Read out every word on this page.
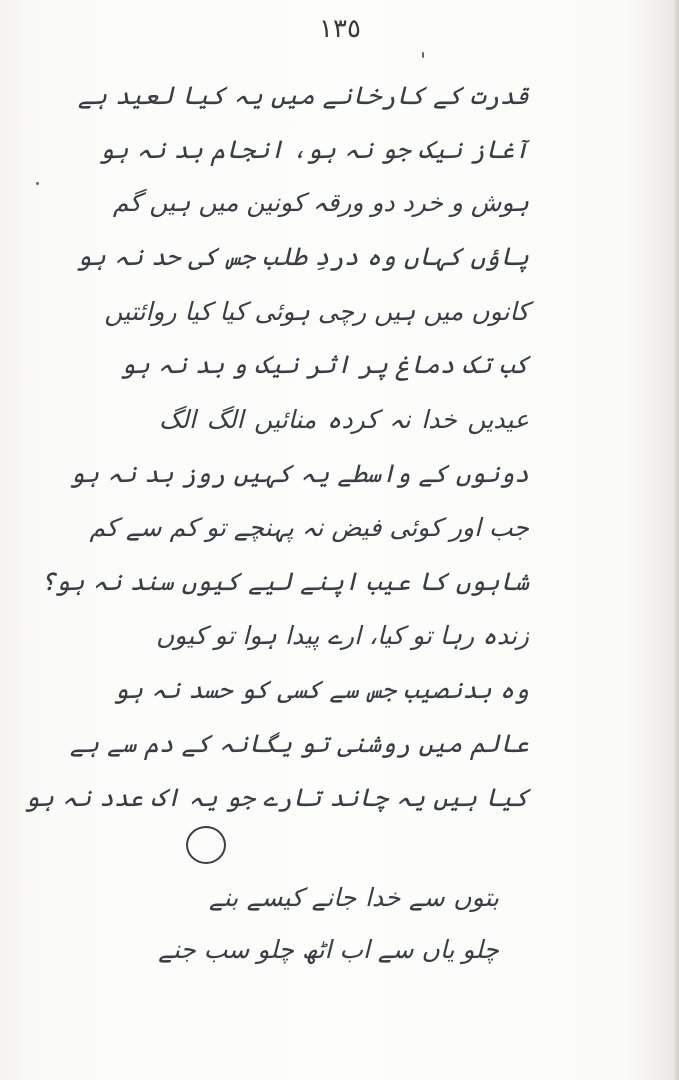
١٣٥
قدرت کے کارخانے میں یہ کیا لعید ہے
آغاز نیک جو نہ ہو، انجام بد نہ ہو
ہوش و خرد دو ورقہ کونین میں ہیں گم
پاؤں کہاں وہ دردِ طلب جس کی حد نہ ہو
کانوں میں ہیں رچی ہوئی کیا کیا روائتیں
کب تک دماغ پر اثر نیک و بد نہ ہو
عیدیں خدا نہ کردہ منائیں الگ الگ
دونوں کے واسطے یہ کہیں روز بد نہ ہو
جب اور کوئی فیض نہ پہنچے تو کم سے کم
شاہوں کا عیب اپنے لیے کیوں سند نہ ہو؟
زندہ رہا تو کیا، ارے پیدا ہوا تو کیوں
وہ بدنصیب جس سے کسی کو حسد نہ ہو
عالم میں روشنی تو یگانہ کے دم سے ہے
کیا ہیں یہ چاند تارے جو یہ اک عدد نہ ہو
بتوں سے خدا جانے کیسے بنے
چلو یاں سے اب اٹھ چلو سب جنے
